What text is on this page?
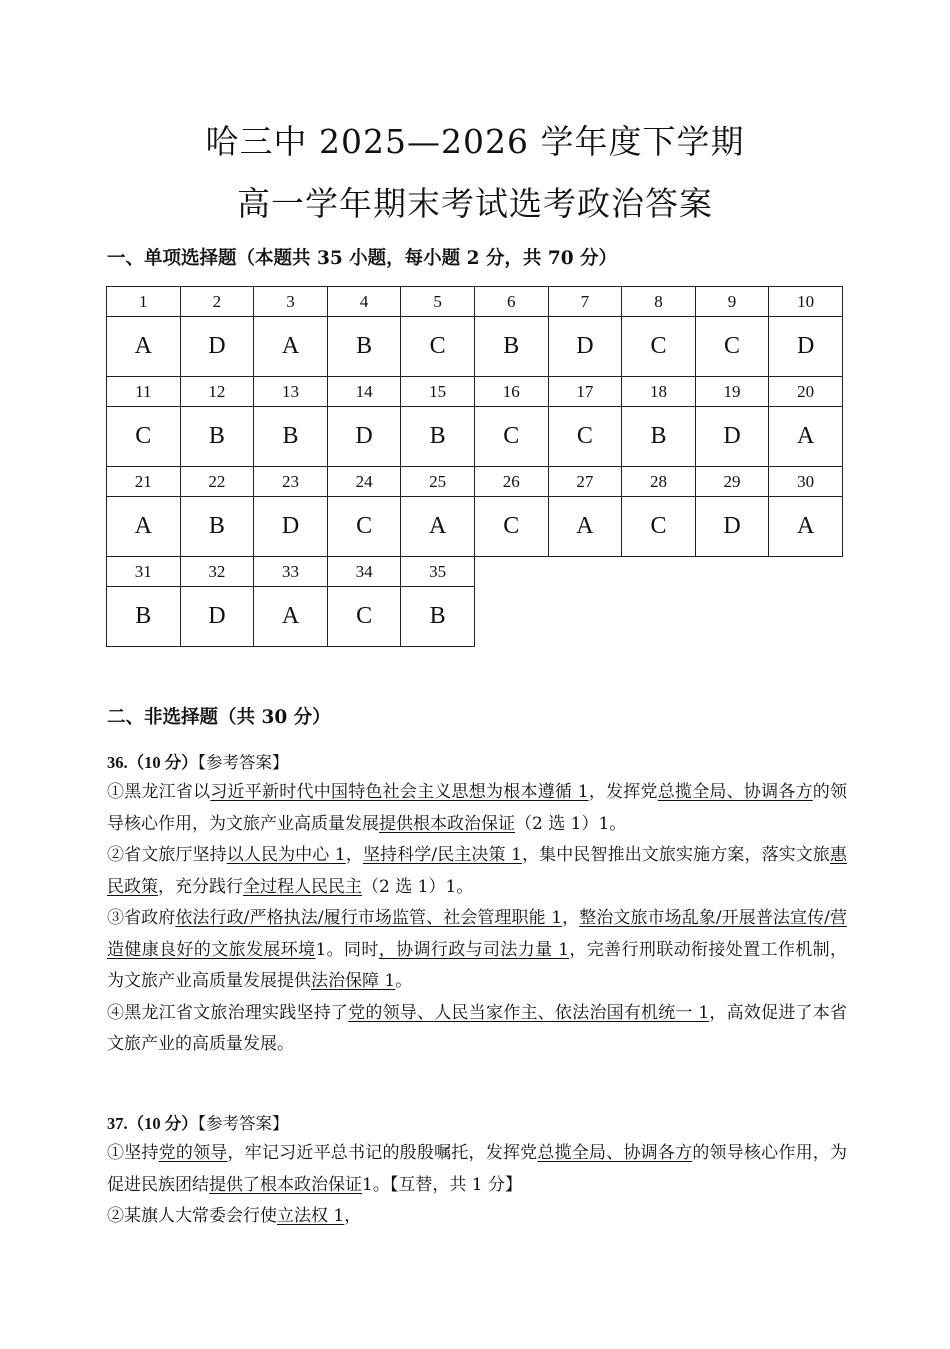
哈三中 2025—2026 学年度下学期
高一学年期末考试选考政治答案
一、单项选择题（本题共 35 小题，每小题 2 分，共 70 分）
1	2	3	4	5	6	7	8	9	10
A	D	A	B	C	B	D	C	C	D
11	12	13	14	15	16	17	18	19	20
C	B	B	D	B	C	C	B	D	A
21	22	23	24	25	26	27	28	29	30
A	B	D	C	A	C	A	C	D	A
31	32	33	34	35					
B	D	A	C	B					
二、非选择题（共 30 分）
36.（10 分）【参考答案】

①黑龙江省以习近平新时代中国特色社会主义思想为根本遵循 1，发挥党总揽全局、协调各方的领导核心作用，为文旅产业高质量发展提供根本政治保证（2 选 1）1。

②省文旅厅坚持以人民为中心 1，坚持科学/民主决策 1，集中民智推出文旅实施方案，落实文旅惠民政策，充分践行全过程人民民主（2 选 1）1。

③省政府依法行政/严格执法/履行市场监管、社会管理职能 1，整治文旅市场乱象/开展普法宣传/营造健康良好的文旅发展环境1。同时，协调行政与司法力量 1，完善行刑联动衔接处置工作机制，为文旅产业高质量发展提供法治保障 1。

④黑龙江省文旅治理实践坚持了党的领导、人民当家作主、依法治国有机统一 1，高效促进了本省文旅产业的高质量发展。

37.（10 分）【参考答案】

①坚持党的领导，牢记习近平总书记的殷殷嘱托，发挥党总揽全局、协调各方的领导核心作用，为促进民族团结提供了根本政治保证1。【互替，共 1 分】

②某旗人大常委会行使立法权 1，
